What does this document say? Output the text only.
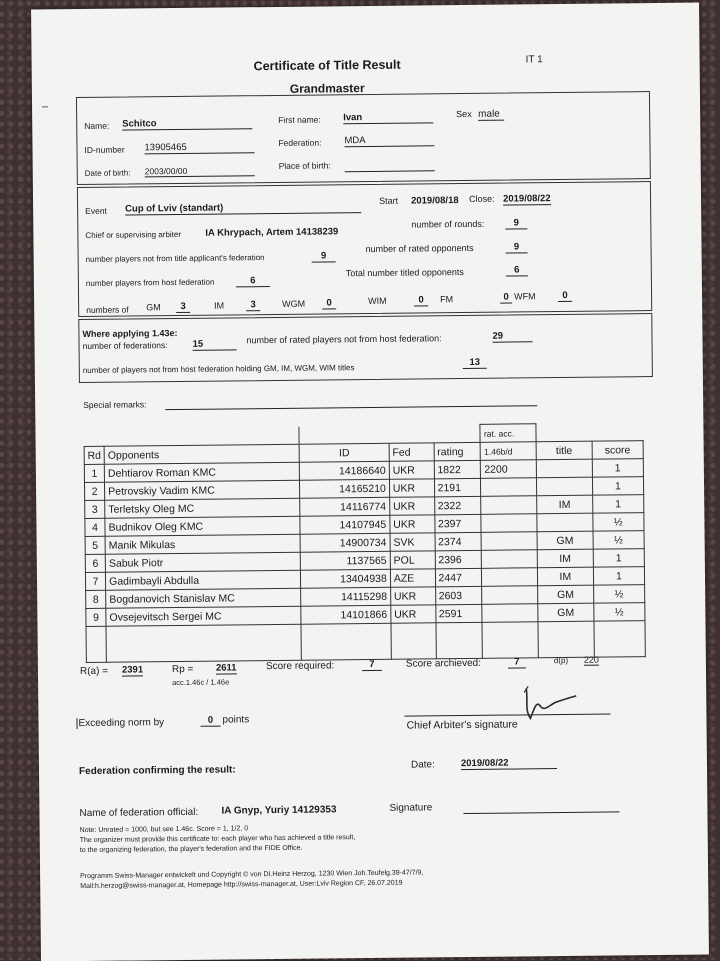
Certificate of Title Result
Grandmaster
IT 1
Name: Schitco	First name: Ivan	Sex male
ID-number 13905465	Federation: MDA
Date of birth: 2003/00/00
Place of birth:
Event Cup of Lviv (standart)
Start 2019/08/18 Close: 2019/08/22
Chief or supervising arbiter	IA Khrypach, Artem 14138239
number of rounds:	9
number players not from title applicant's federation	9
number of rated opponents	9
number players from host federation	6
Total number titled opponents	6
numbers of GM	3	IM	3	WGM	0	WIM	0	FM	0 WFM	0
Where applying 1.43e:
number of federations:	15	number of rated players not from host federation:	29
number of players not from host federation holding GM, IM, WGM, WIM titles
13
Special remarks:
					rat. acc.		
Rd	Opponents	ID	Fed	rating	1.46b/d	title	score
1	Dehtiarov Roman KMC	14186640	UKR	1822	2200		1
2	Petrovskiy Vadim KMC	14165210	UKR	2191			1
3	Terletsky Oleg MC	14116774	UKR	2322		IM	1
4	Budnikov Oleg KMC	14107945	UKR	2397			½
5	Manik Mikulas	14900734	SVK	2374		GM	½
6	Sabuk Piotr	1137565	POL	2396		IM	1
7	Gadimbayli Abdulla	13404938	AZE	2447		IM	1
8	Bogdanovich Stanislav MC	14115298	UKR	2603		GM	½
9	Ovsejevitsch Sergei MC	14101866	UKR	2591		GM	½

R(a) = 2391	Rp = 2611
acc.1.46c / 1.46e
Score required:	7	Score archieved:	7	d(p) 220
Exceeding norm by	0 points	Chief Arbiter's signature
Federation confirming the result:	Date:	2019/08/22
Name of federation official: IA Gnyp, Yuriy 14129353	Signature
Note: Unrated = 1000, but see 1.46c. Score = 1, 1/2, 0
The organizer must provide this certificate to: each player who has achieved a title result,
to the organizing federation, the player's federation and the FIDE Office.
Programm Swiss-Manager entwickelt und Copyright © von DI.Heinz Herzog, 1230 Wien Joh.Teufelg.39-47/7/9,
Mail:h.herzog@swiss-manager.at, Homepage http://swiss-manager.at, User:Lviv Region CF, 26.07.2019
